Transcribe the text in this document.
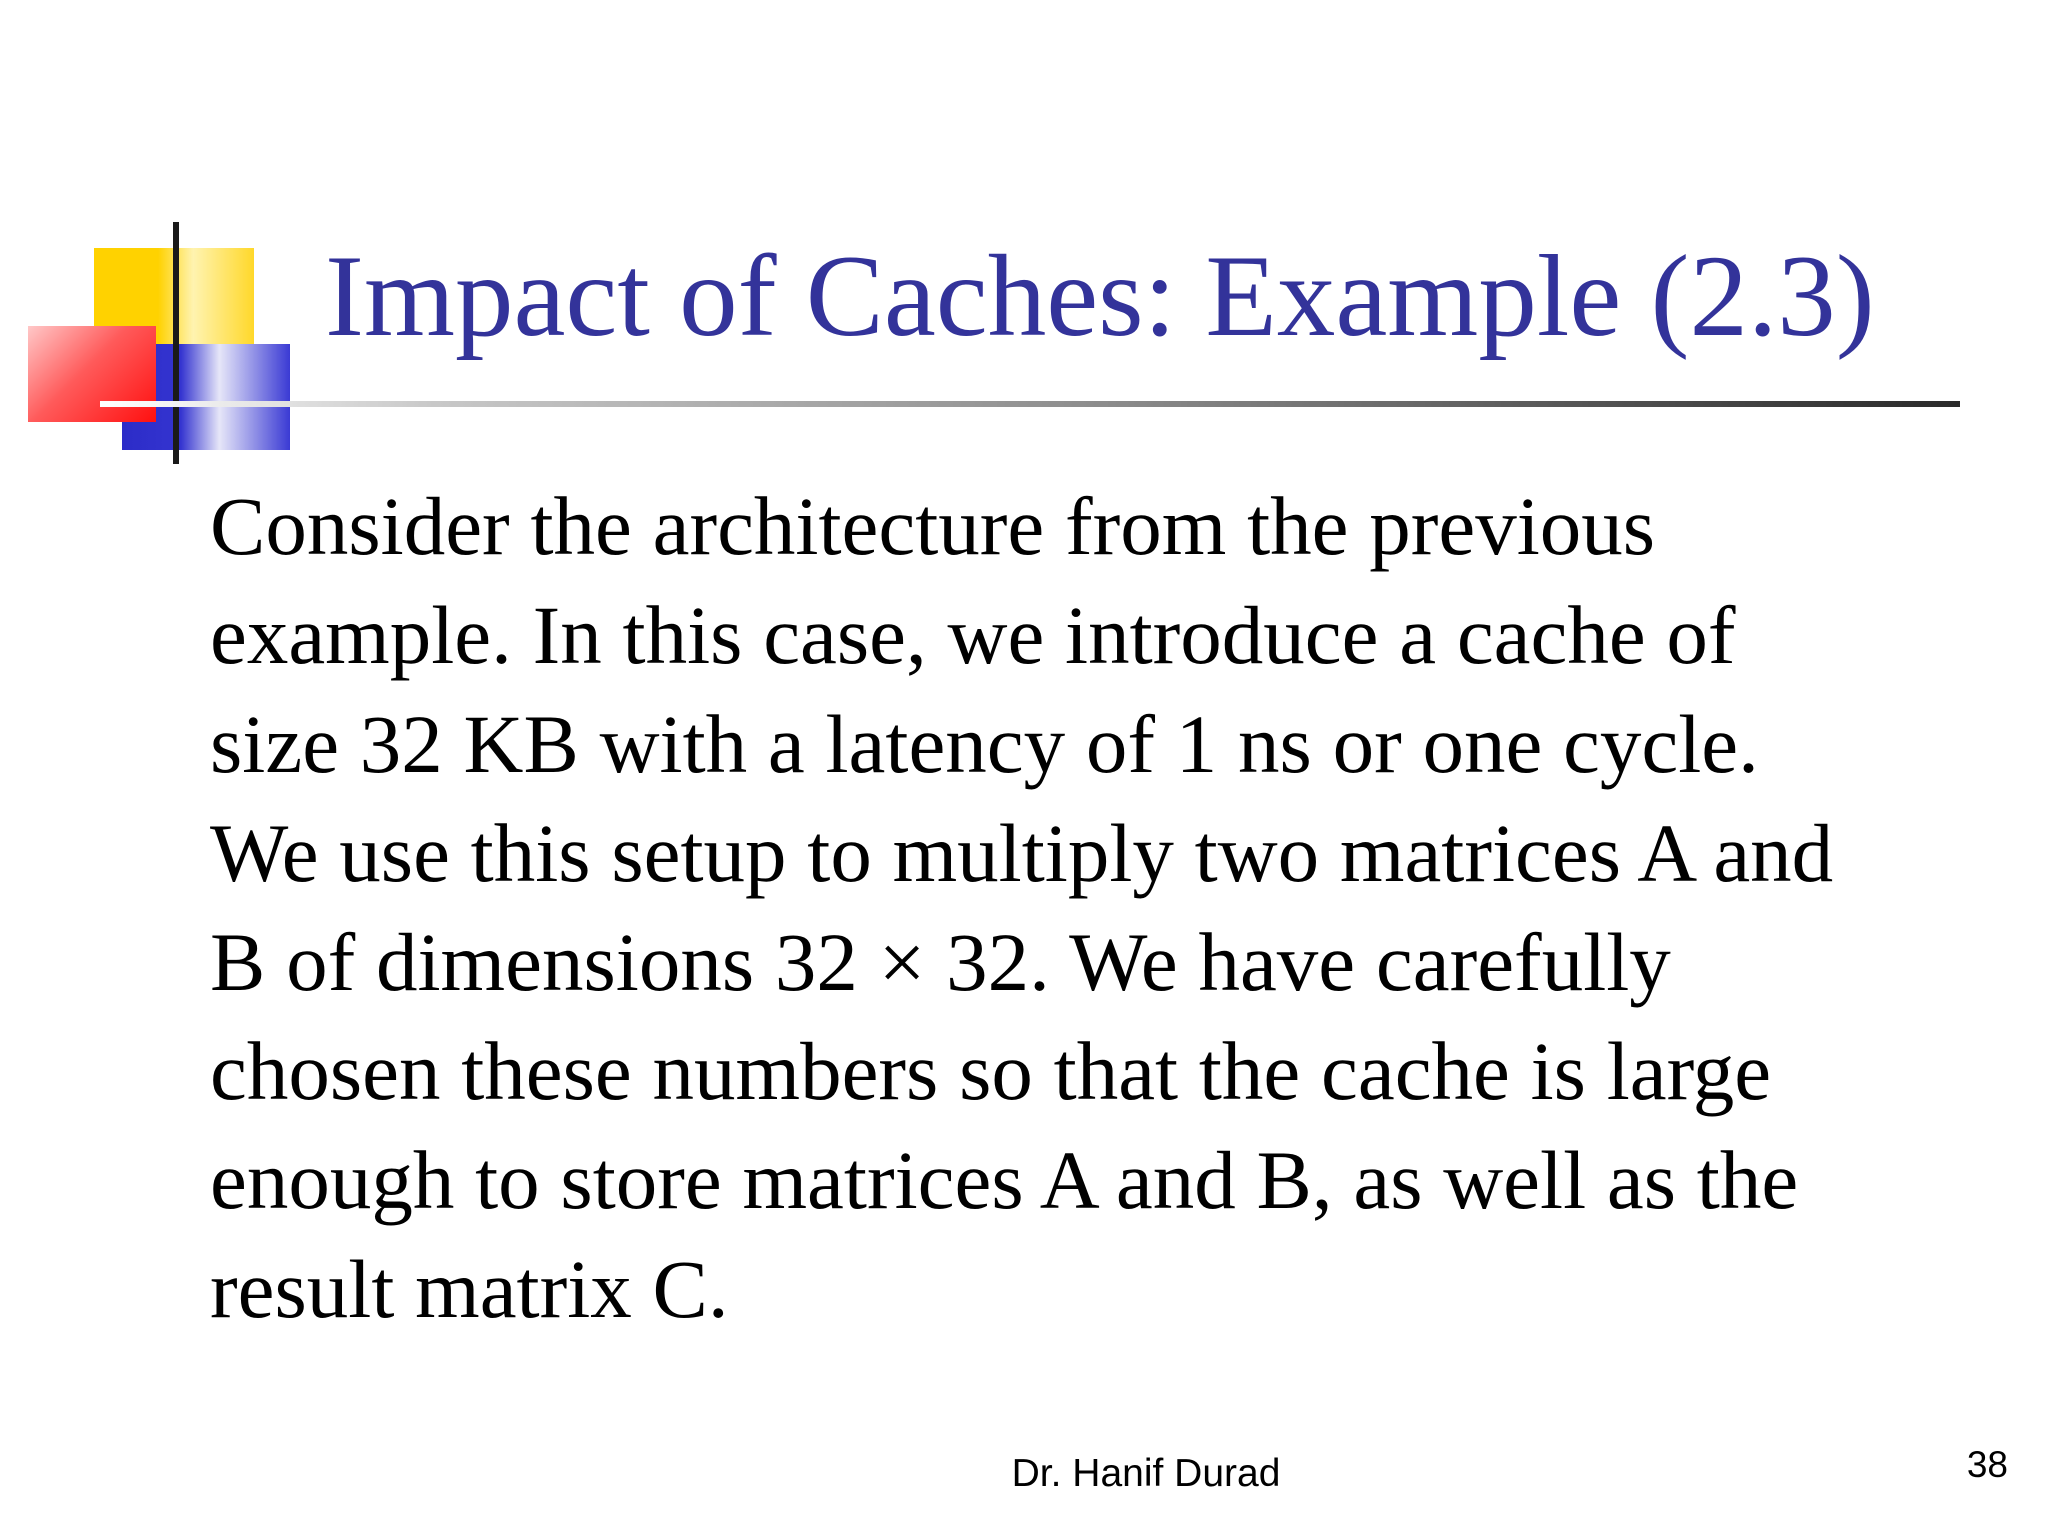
Impact of Caches: Example (2.3)
Consider the architecture from the previous
example. In this case, we introduce a cache of
size 32 KB with a latency of 1 ns or one cycle.
We use this setup to multiply two matrices A and
B of dimensions 32 × 32. We have carefully
chosen these numbers so that the cache is large
enough to store matrices A and B, as well as the
result matrix C.
Dr. Hanif Durad	38
